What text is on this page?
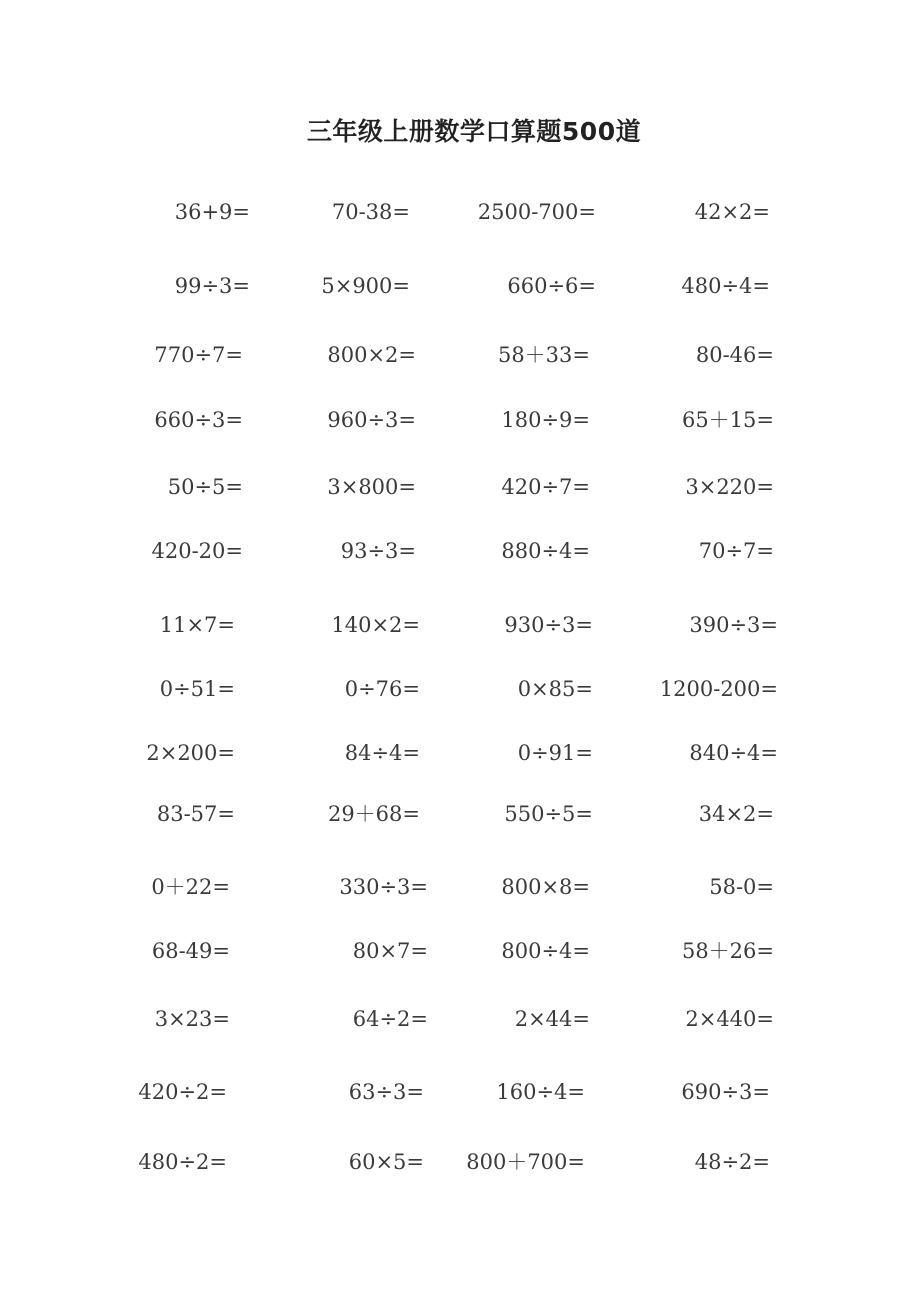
三年级上册数学口算题500道
36+9=	70-38=	2500-700=	42×2=
99÷3=	5×900=	660÷6=	480÷4=
770÷7=	800×2=	58＋33=	80-46=
660÷3=	960÷3=	180÷9=	65＋15=
50÷5=	3×800=	420÷7=	3×220=
420-20=	93÷3=	880÷4=	70÷7=
11×7=	140×2=	930÷3=	390÷3=
0÷51=	0÷76=	0×85=	1200-200=
2×200=	84÷4=	0÷91=	840÷4=
83-57=	29＋68=	550÷5=	34×2=
0＋22=	330÷3=	800×8=	58-0=
68-49=	80×7=	800÷4=	58＋26=
3×23=	64÷2=	2×44=	2×440=
420÷2=	63÷3=	160÷4=	690÷3=
480÷2=	60×5= 800＋700=	48÷2=
